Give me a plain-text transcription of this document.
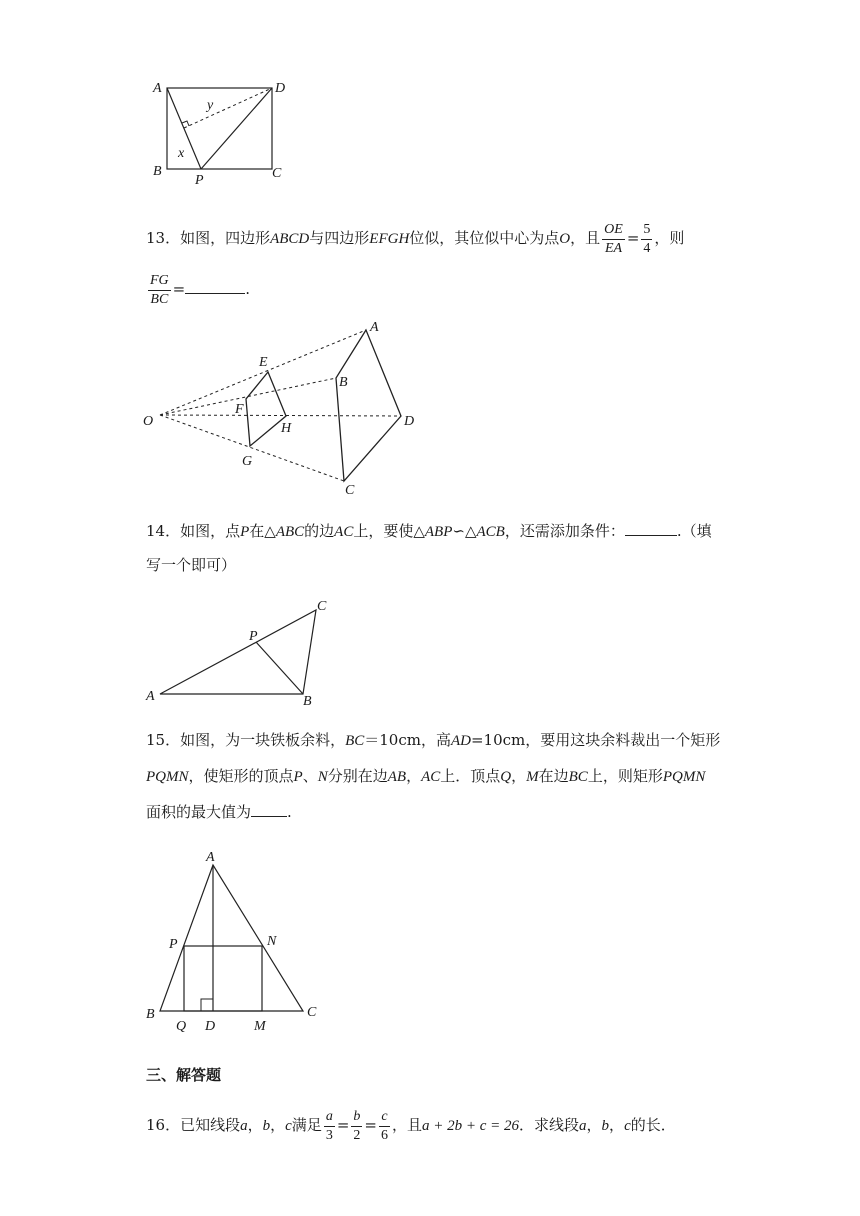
A	D
B
P	C
y
x
13．如图，四边形ABCD与四边形EFGH位似，其位似中心为点O，且 $\frac{OE}{EA} = \frac{5}{4}$ ，则
$\frac{FG}{BC}$ =	.
O
A
B
D
C
E
F
H
G
14．如图，点P在△ABC的边AC上，要使△ABP∽△ACB，还需添加条件：	.（填
写一个即可）
A	B
C
P
15．如图，为一块铁板余料，BC＝10cm，高AD=10cm，要用这块余料裁出一个矩形
PQMN，使矩形的顶点P、N分别在边AB，AC上．顶点Q，M在边BC上，则矩形PQMN
面积的最大值为 .
A
P	N
B
Q D	M
C
三、解答题
16．已知线段a，b，c满足 $\frac{a}{3} = \frac{b}{2} = \frac{c}{6}$ ，且a + 2b + c = 26．求线段a，b，c的长．
